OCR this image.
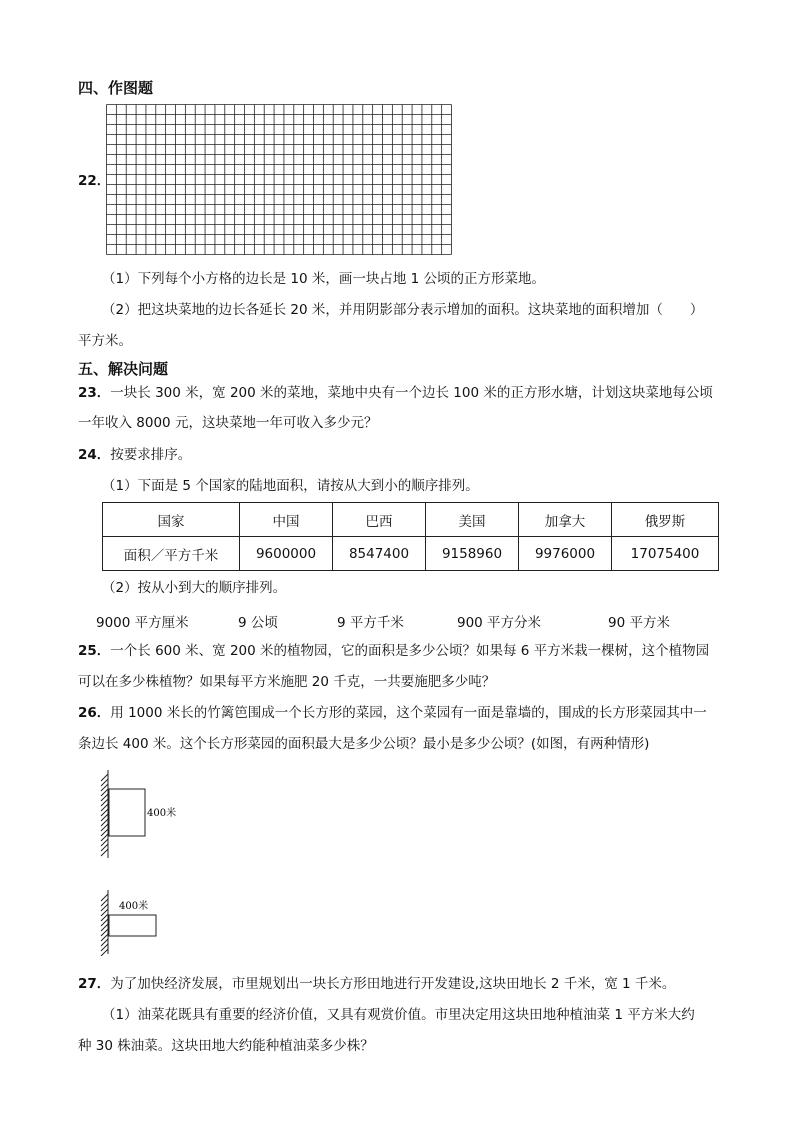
四、作图题
22．
（1）下列每个小方格的边长是 10 米，画一块占地 1 公顷的正方形菜地。
（2）把这块菜地的边长各延长 20 米，并用阴影部分表示增加的面积。这块菜地的面积增加（　　）
平方米。
五、解决问题
23．一块长 300 米，宽 200 米的菜地，菜地中央有一个边长 100 米的正方形水塘，计划这块菜地每公顷
一年收入 8000 元，这块菜地一年可收入多少元？
24．按要求排序。
（1）下面是 5 个国家的陆地面积，请按从大到小的顺序排列。
国家	中国	巴西	美国	加拿大	俄罗斯
面积／平方千米	9600000	8547400	9158960	9976000	17075400
（2）按从小到大的顺序排列。
9000 平方厘米	9 公顷	9 平方千米	900 平方分米	90 平方米
25．一个长 600 米、宽 200 米的植物园，它的面积是多少公顷？如果每 6 平方米栽一棵树，这个植物园
可以在多少株植物？如果每平方米施肥 20 千克，一共要施肥多少吨？
26．用 1000 米长的竹篱笆围成一个长方形的菜园，这个菜园有一面是靠墙的，围成的长方形菜园其中一
条边长 400 米。这个长方形菜园的面积最大是多少公顷？最小是多少公顷？(如图，有两种情形)
400米
400米
27．为了加快经济发展，市里规划出一块长方形田地进行开发建设,这块田地长 2 千米，宽 1 千米。
（1）油菜花既具有重要的经济价值，又具有观赏价值。市里决定用这块田地种植油菜 1 平方米大约
种 30 株油菜。这块田地大约能种植油菜多少株？
